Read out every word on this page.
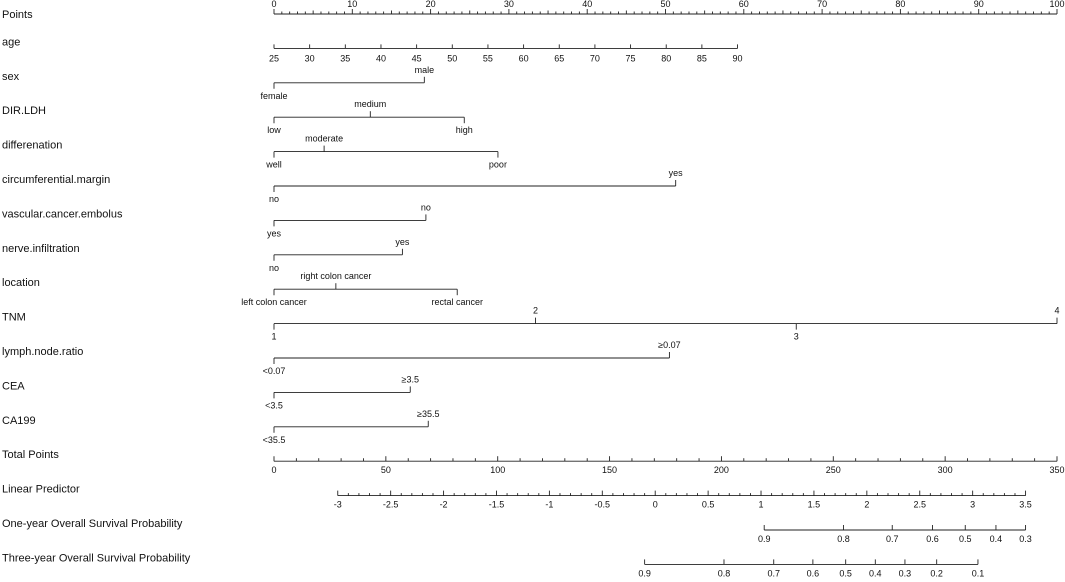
Points
0	10	20	30	40	50	60	70	80	90	100
age
25	30	35	40	45	50	55	60	65	70	75	80	85	90
sex
female
male
DIR.LDH
low
medium
high
differenation
well
moderate
poor
circumferential.margin
no
yes
vascular.cancer.embolus
yes
no
nerve.infiltration
no
yes
location
left colon cancer
right colon cancer
rectal cancer
TNM
1
2
3
4
lymph.node.ratio
<0.07
≥0.07
CEA
<3.5
≥3.5
CA199
<35.5
≥35.5
Total Points
0	50	100	150	200	250	300	350
Linear Predictor
-3	-2.5	-2	-1.5	-1	-0.5	0	0.5	1	1.5	2	2.5	3	3.5
One-year Overall Survival Probability
0.9	0.8	0.7	0.6 0.5 0.4 0.3
Three-year Overall Survival Probability
0.9	0.8	0.7	0.6 0.5 0.4 0.3 0.2	0.1
